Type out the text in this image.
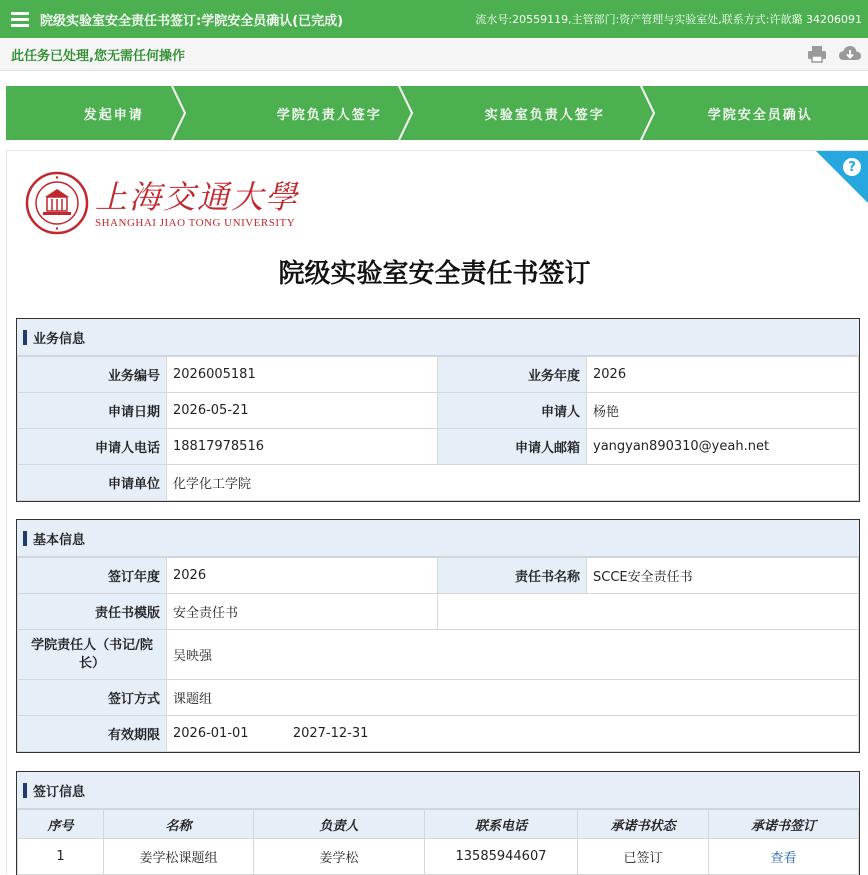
院级实验室安全责任书签订:学院安全员确认(已完成)	流水号:20559119,主管部门:资产管理与实验室处,联系方式:许歆璐 34206091
此任务已处理,您无需任何操作
发起申请	学院负责人签字	实验室负责人签字	学院安全员确认
?
上海交通大學
SHANGHAI JIAO TONG UNIVERSITY
院级实验室安全责任书签订
业务信息
业务编号	2026005181	业务年度	2026
申请日期	2026-05-21	申请人	杨艳
申请人电话	18817978516	申请人邮箱	yangyan890310@yeah.net
申请单位	化学化工学院		
基本信息
签订年度	2026	责任书名称	SCCE安全责任书
责任书模版	安全责任书		
学院责任人（书记/院长）	吴映强		
签订方式	课题组		
有效期限	2026-01-01 2027-12-31		
签订信息
序号	名称	负责人	联系电话	承诺书状态	承诺书签订
1	姜学松课题组	姜学松	13585944607	已签订	查看
